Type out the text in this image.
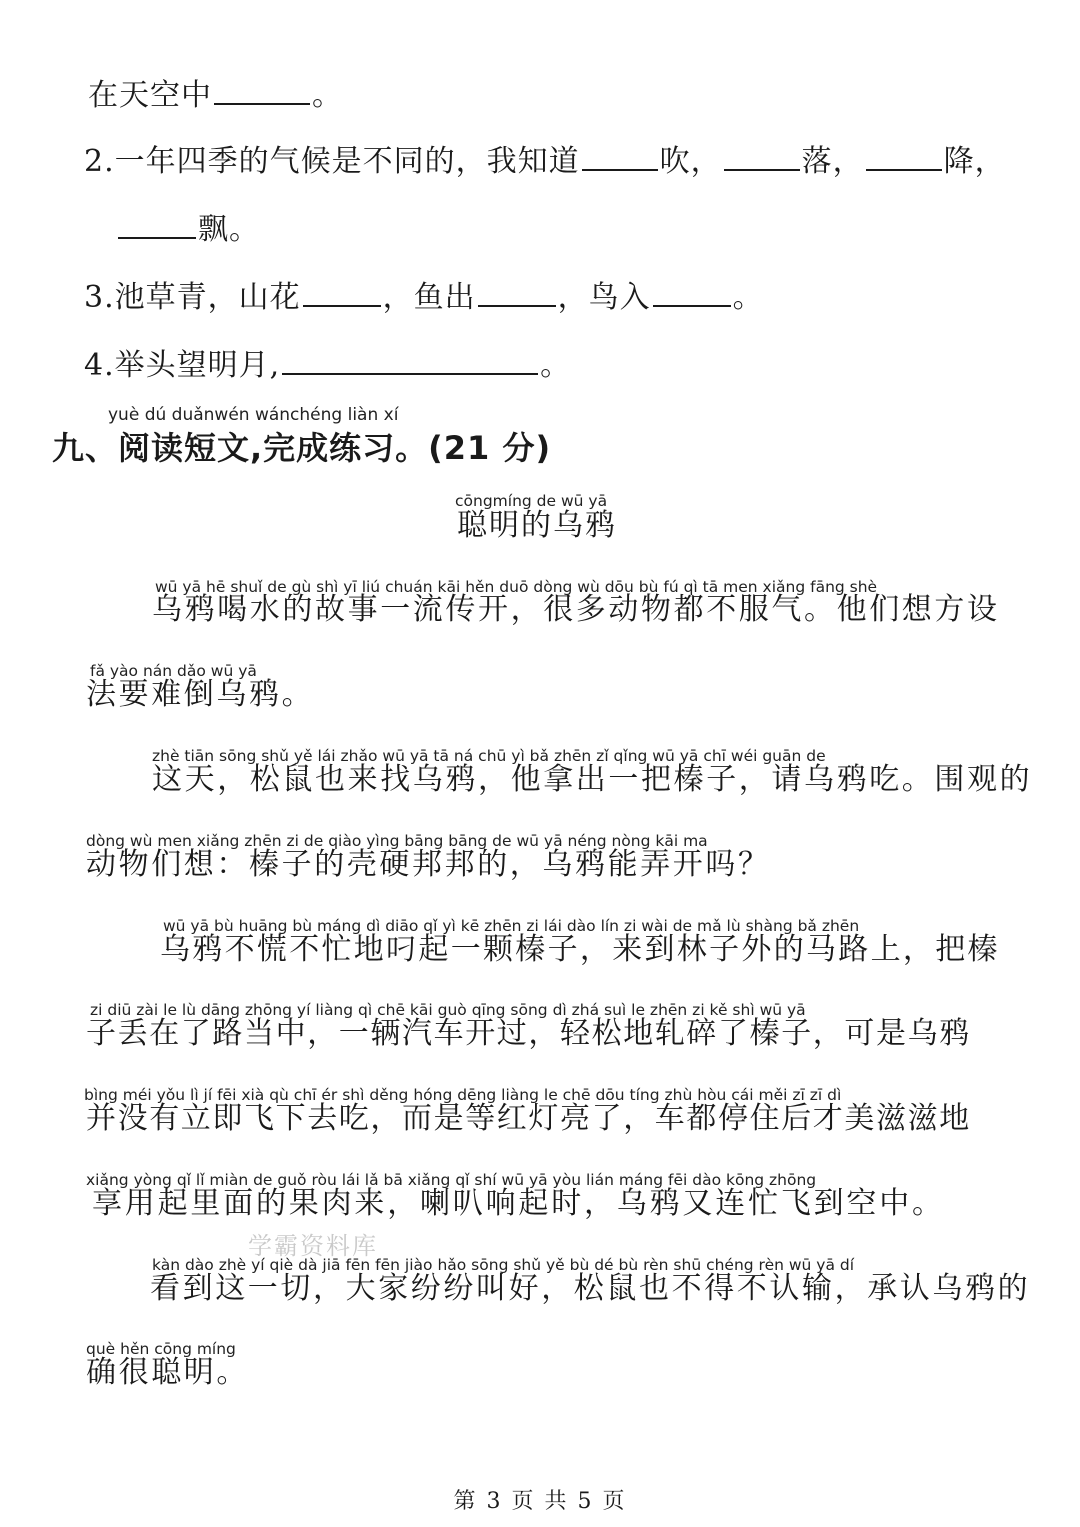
在天空中	。
2.一年四季的气候是不同的，我知道	吹，	落，	降，
飘。
3.池草青，山花	，鱼出	，鸟入	。
4.举头望明月,	。
yuè dú duǎnwén wánchéng liàn xí
九、阅读短文,完成练习。(21 分)
cōngmíng de wū yā
聪明的乌鸦
wū yā hē shuǐ de gù shì yī liú chuán kāi hěn duō dòng wù dōu bù fú qì tā men xiǎng fāng shè
乌鸦喝水的故事一流传开，很多动物都不服气。他们想方设
fǎ yào nán dǎo wū yā
法要难倒乌鸦。
zhè tiān sōng shǔ yě lái zhǎo wū yā tā ná chū yì bǎ zhēn zǐ qǐng wū yā chī wéi guān de
这天，松鼠也来找乌鸦，他拿出一把榛子，请乌鸦吃。围观的
dòng wù men xiǎng zhēn zi de qiào yìng bāng bāng de wū yā néng nòng kāi ma
动物们想：榛子的壳硬邦邦的，乌鸦能弄开吗？
wū yā bù huāng bù máng dì diāo qǐ yì kē zhēn zi lái dào lín zi wài de mǎ lù shàng bǎ zhēn
乌鸦不慌不忙地叼起一颗榛子，来到林子外的马路上，把榛
zi diū zài le lù dāng zhōng yí liàng qì chē kāi guò qīng sōng dì zhá suì le zhēn zi kě shì wū yā
子丢在了路当中，一辆汽车开过，轻松地轧碎了榛子，可是乌鸦
bìng méi yǒu lì jí fēi xià qù chī ér shì děng hóng dēng liàng le chē dōu tíng zhù hòu cái měi zī zī dì
并没有立即飞下去吃，而是等红灯亮了，车都停住后才美滋滋地
xiǎng yòng qǐ lǐ miàn de guǒ ròu lái lǎ bā xiǎng qǐ shí wū yā yòu lián máng fēi dào kōng zhōng
享用起里面的果肉来，喇叭响起时，乌鸦又连忙飞到空中。
学霸资料库
kàn dào zhè yí qiè dà jiā fēn fēn jiào hǎo sōng shǔ yě bù dé bù rèn shū chéng rèn wū yā dí
看到这一切，大家纷纷叫好，松鼠也不得不认输，承认乌鸦的
què hěn cōng míng
确很聪明。
第 3 页 共 5 页
